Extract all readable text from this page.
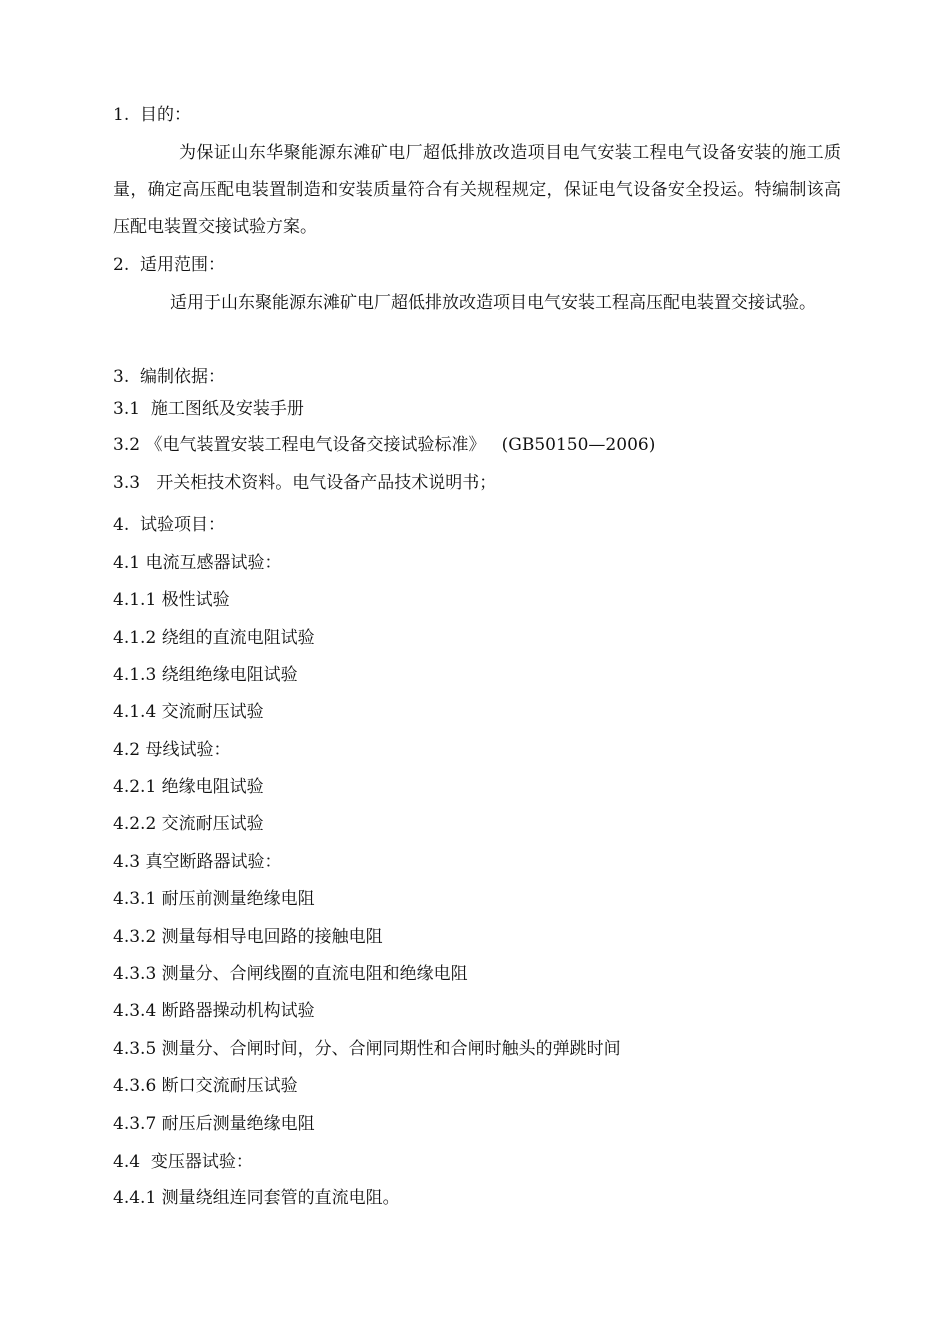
1.  目的：
为保证山东华聚能源东滩矿电厂超低排放改造项目电气安装工程电气设备安装的施工质量，确定高压配电装置制造和安装质量符合有关规程规定，保证电气设备安全投运。特编制该高压配电装置交接试验方案。
2.  适用范围：
适用于山东聚能源东滩矿电厂超低排放改造项目电气安装工程高压配电装置交接试验。
3.  编制依据：
3.1  施工图纸及安装手册
3.2 《电气装置安装工程电气设备交接试验标准》   (GB50150—2006)
3.3   开关柜技术资料。电气设备产品技术说明书；
4.  试验项目：
4.1 电流互感器试验：
4.1.1 极性试验
4.1.2 绕组的直流电阻试验
4.1.3 绕组绝缘电阻试验
4.1.4 交流耐压试验
4.2 母线试验：
4.2.1 绝缘电阻试验
4.2.2 交流耐压试验
4.3 真空断路器试验：
4.3.1 耐压前测量绝缘电阻
4.3.2 测量每相导电回路的接触电阻
4.3.3 测量分、合闸线圈的直流电阻和绝缘电阻
4.3.4 断路器操动机构试验
4.3.5 测量分、合闸时间，分、合闸同期性和合闸时触头的弹跳时间
4.3.6 断口交流耐压试验
4.3.7 耐压后测量绝缘电阻
4.4  变压器试验：
4.4.1 测量绕组连同套管的直流电阻。
